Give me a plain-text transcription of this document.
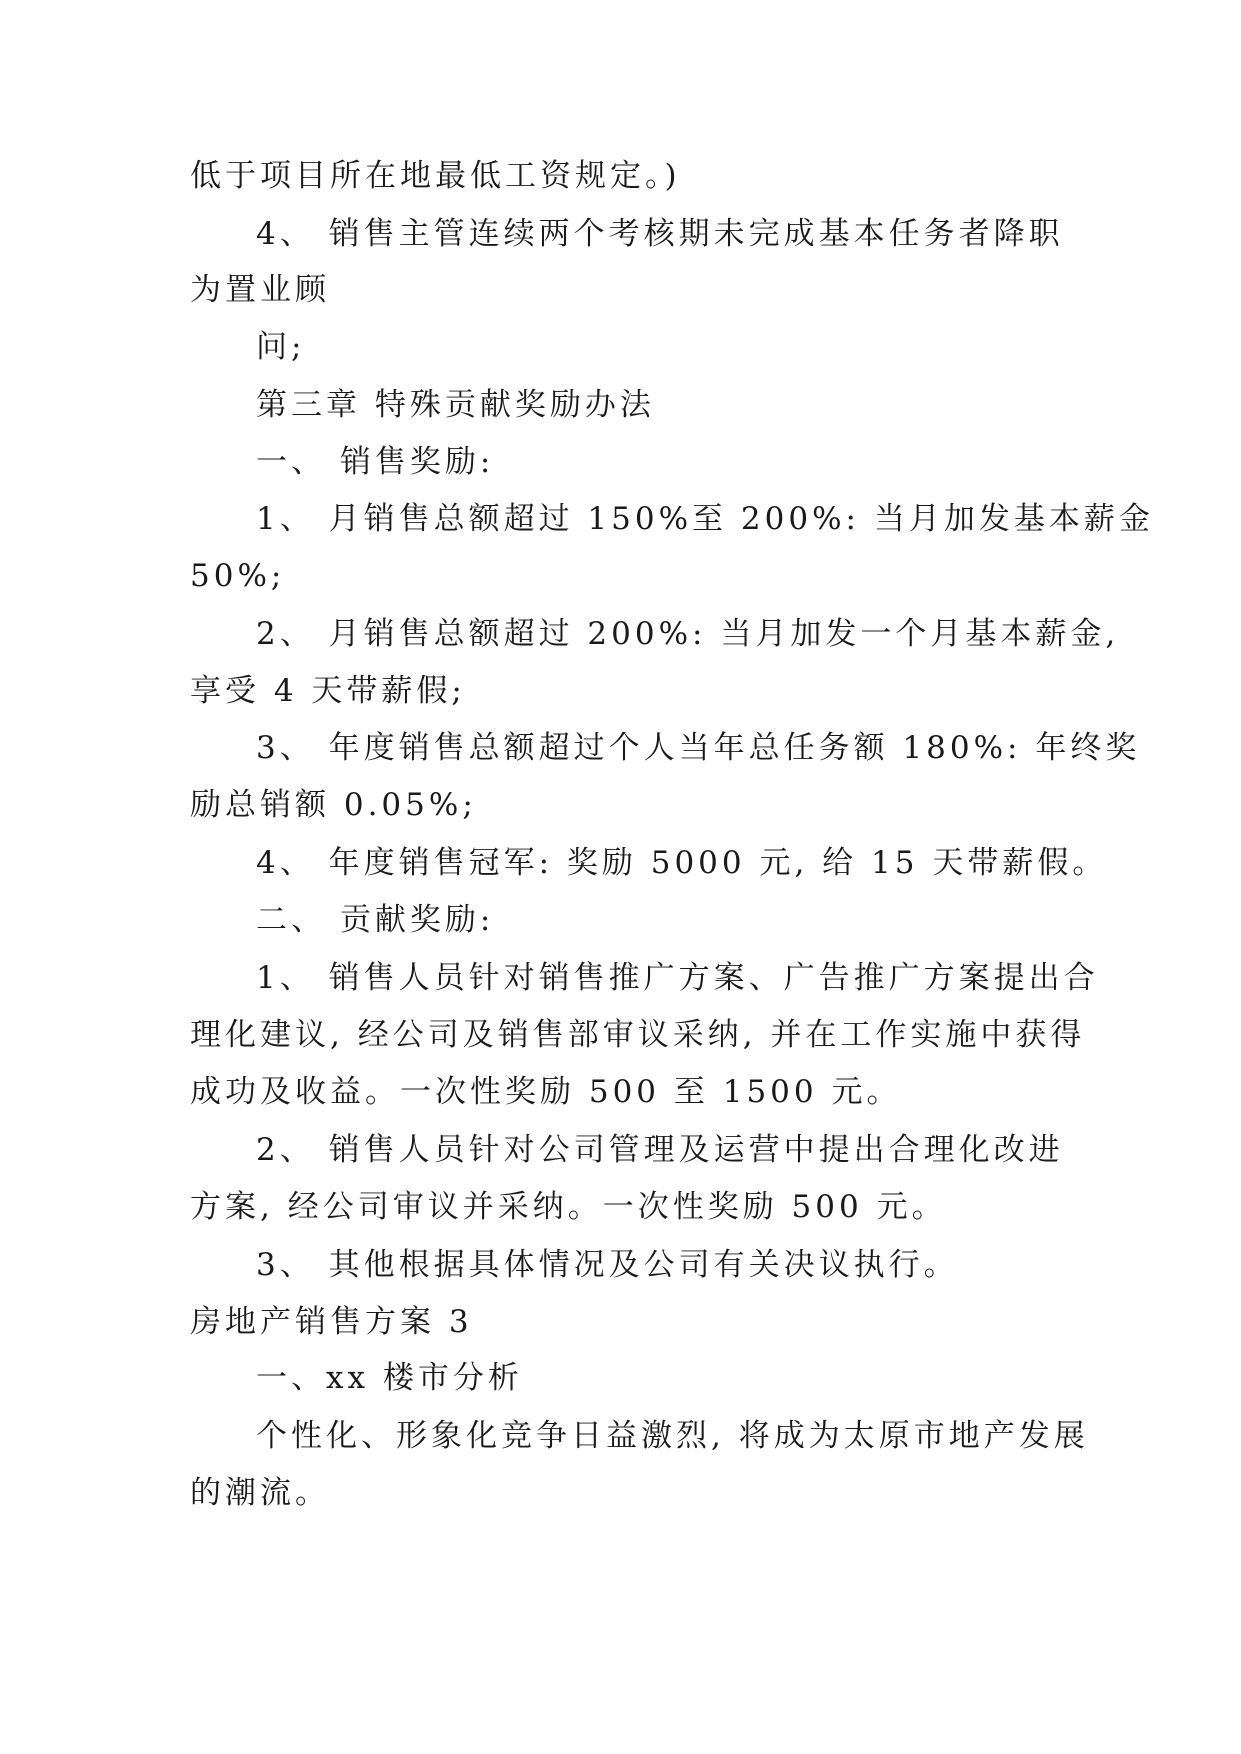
低于项目所在地最低工资规定。)
4、 销售主管连续两个考核期未完成基本任务者降职
为置业顾
问;
第三章 特殊贡献奖励办法
一、 销售奖励:
1、 月销售总额超过 150%至 200%: 当月加发基本薪金
50%;
2、 月销售总额超过 200%: 当月加发一个月基本薪金,
享受 4 天带薪假;
3、 年度销售总额超过个人当年总任务额 180%: 年终奖
励总销额 0.05%;
4、 年度销售冠军: 奖励 5000 元, 给 15 天带薪假。
二、 贡献奖励:
1、 销售人员针对销售推广方案、广告推广方案提出合
理化建议, 经公司及销售部审议采纳, 并在工作实施中获得
成功及收益。一次性奖励 500 至 1500 元。
2、 销售人员针对公司管理及运营中提出合理化改进
方案, 经公司审议并采纳。一次性奖励 500 元。
3、 其他根据具体情况及公司有关决议执行。
房地产销售方案 3
一、xx 楼市分析
个性化、形象化竞争日益激烈, 将成为太原市地产发展
的潮流。
